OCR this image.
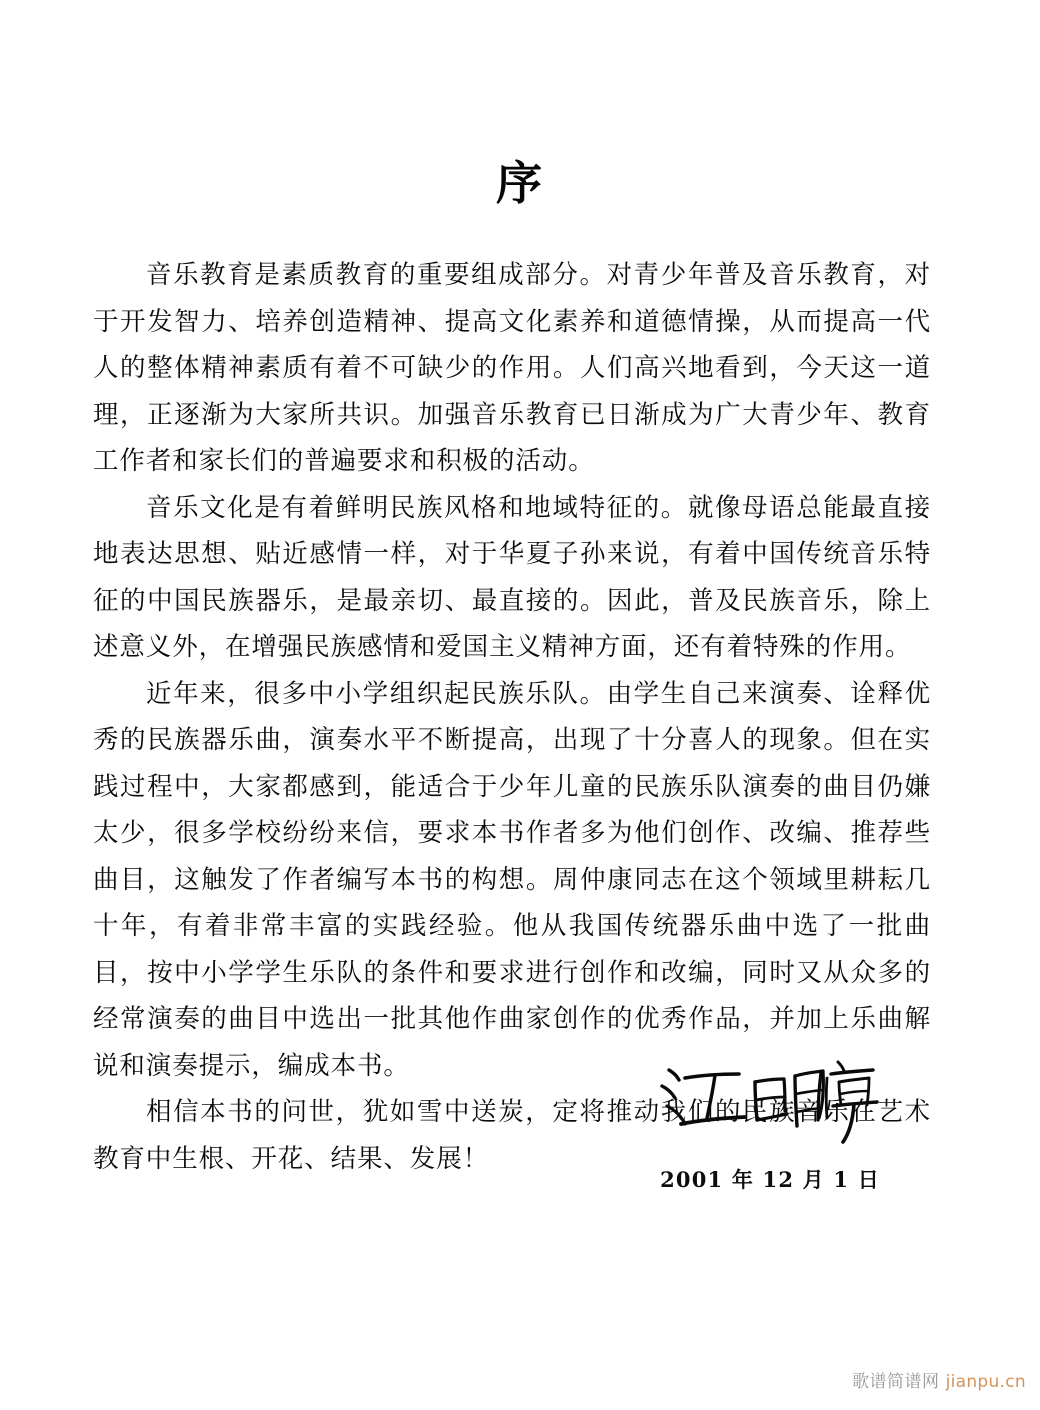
序

音乐教育是素质教育的重要组成部分。对青少年普及音乐教育，对于开发智力、培养创造精神、提高文化素养和道德情操，从而提高一代人的整体精神素质有着不可缺少的作用。人们高兴地看到，今天这一道理，正逐渐为大家所共识。加强音乐教育已日渐成为广大青少年、教育工作者和家长们的普遍要求和积极的活动。

音乐文化是有着鲜明民族风格和地域特征的。就像母语总能最直接地表达思想、贴近感情一样，对于华夏子孙来说，有着中国传统音乐特征的中国民族器乐，是最亲切、最直接的。因此，普及民族音乐，除上述意义外，在增强民族感情和爱国主义精神方面，还有着特殊的作用。

近年来，很多中小学组织起民族乐队。由学生自己来演奏、诠释优秀的民族器乐曲，演奏水平不断提高，出现了十分喜人的现象。但在实践过程中，大家都感到，能适合于少年儿童的民族乐队演奏的曲目仍嫌太少，很多学校纷纷来信，要求本书作者多为他们创作、改编、推荐些曲目，这触发了作者编写本书的构想。周仲康同志在这个领域里耕耘几十年，有着非常丰富的实践经验。他从我国传统器乐曲中选了一批曲目，按中小学学生乐队的条件和要求进行创作和改编，同时又从众多的经常演奏的曲目中选出一批其他作曲家创作的优秀作品，并加上乐曲解说和演奏提示，编成本书。

相信本书的问世，犹如雪中送炭，定将推动我们的民族音乐在艺术教育中生根、开花、结果、发展！

2001 年 12 月 1 日
歌谱简谱网 jianpu.cn
